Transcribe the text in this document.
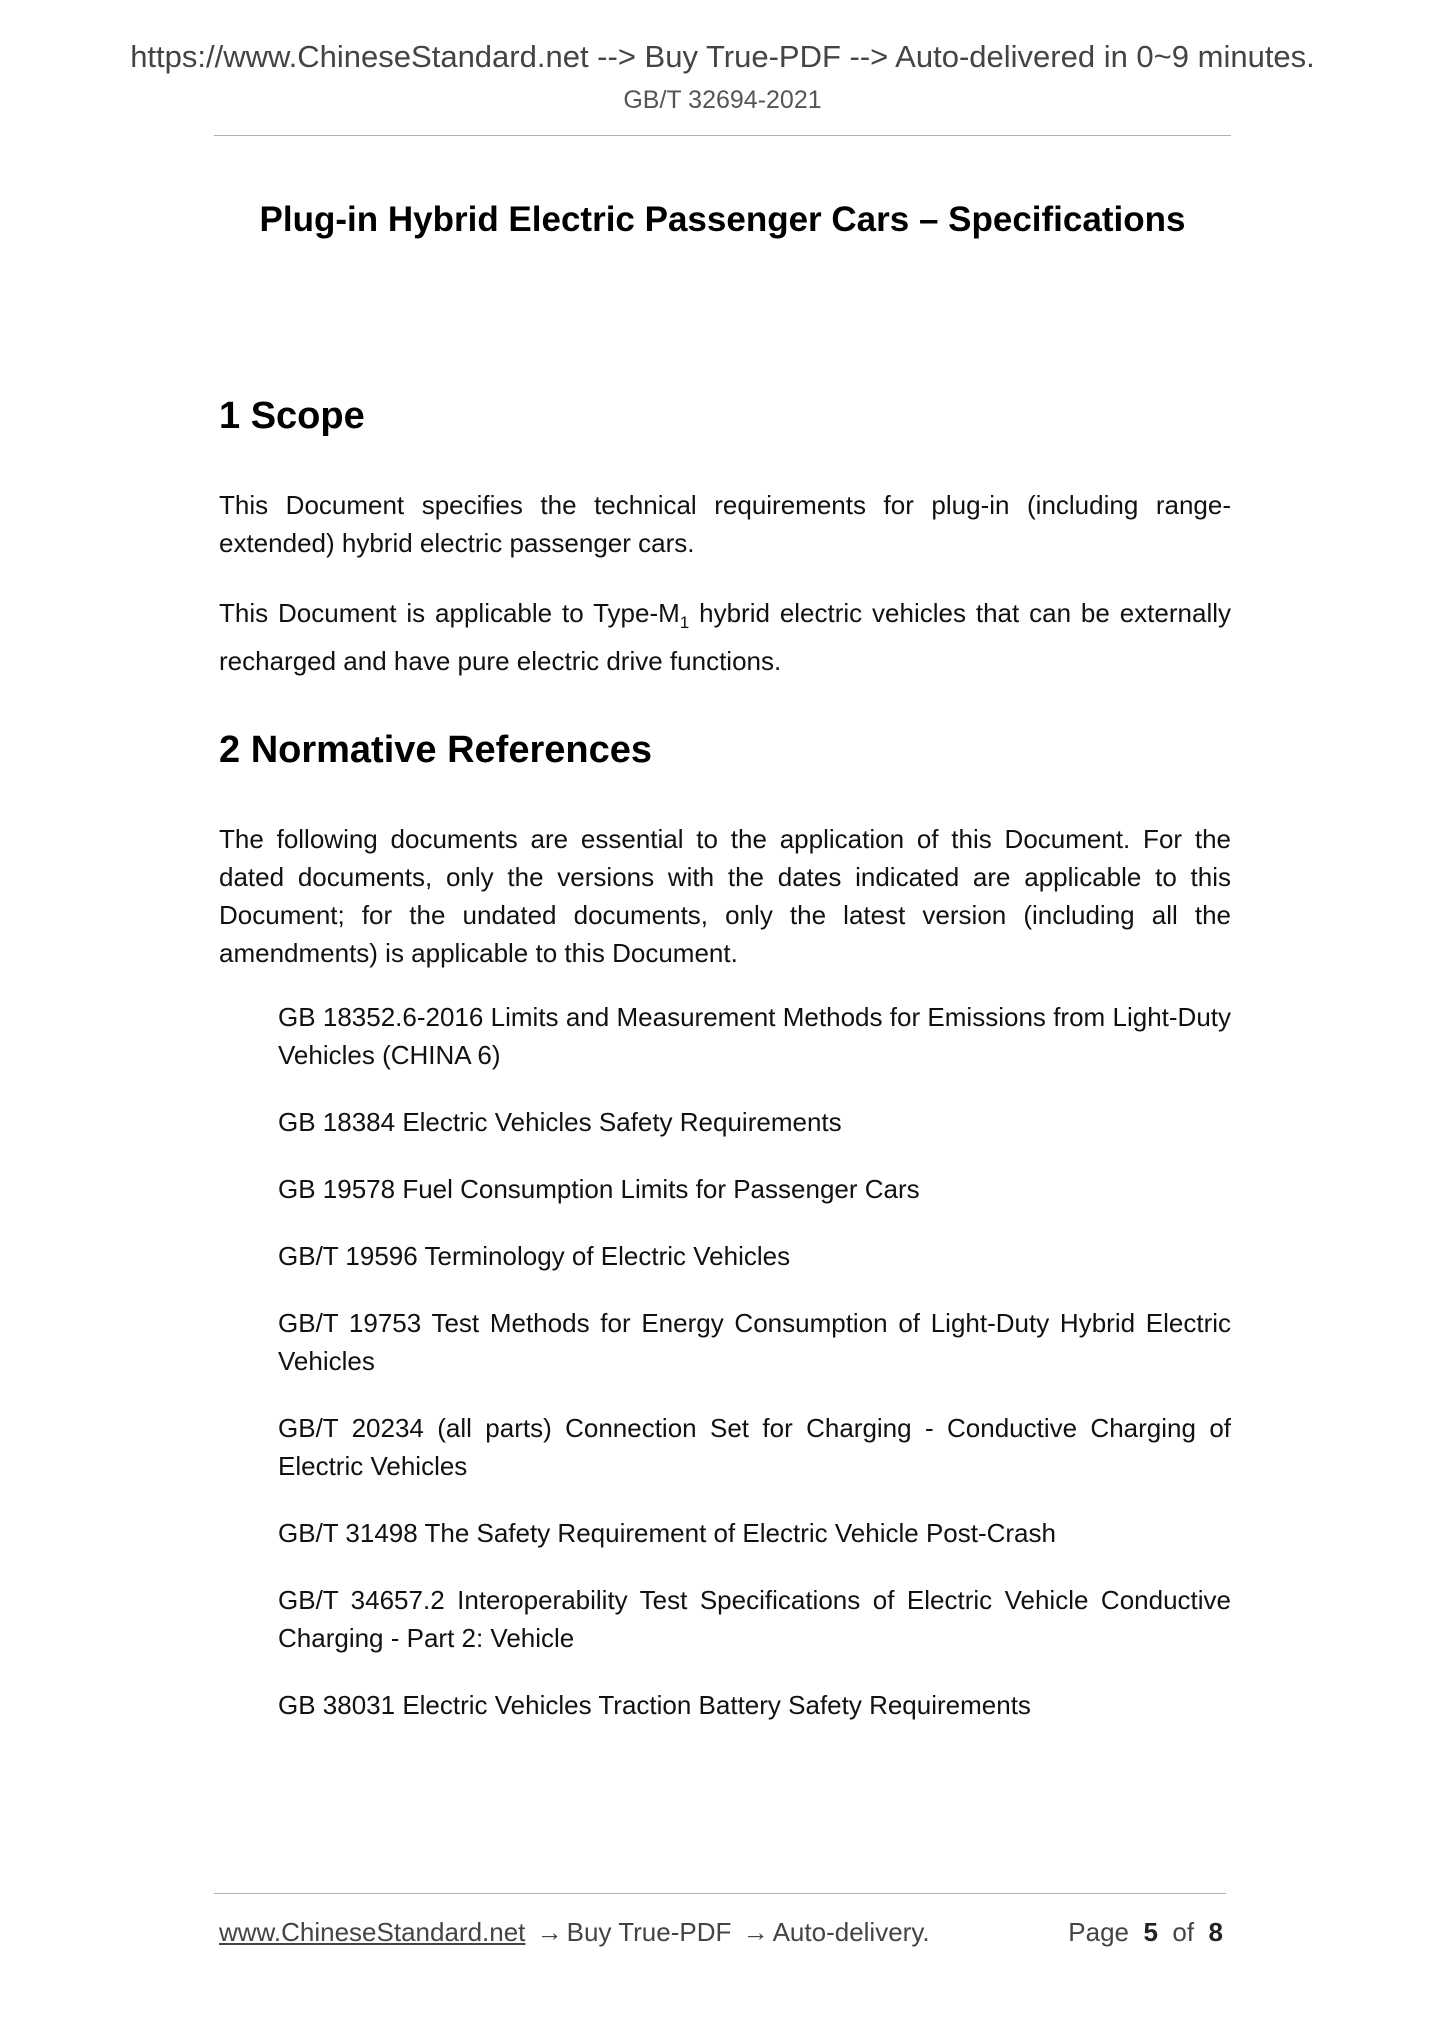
https://www.ChineseStandard.net --> Buy True-PDF --> Auto-delivered in 0~9 minutes.
GB/T 32694-2021
Plug-in Hybrid Electric Passenger Cars – Specifications
1 Scope

This Document specifies the technical requirements for plug-in (including range-extended) hybrid electric passenger cars.

This Document is applicable to Type-$M_1$ hybrid electric vehicles that can be externally recharged and have pure electric drive functions.

2 Normative References

The following documents are essential to the application of this Document. For the dated documents, only the versions with the dates indicated are applicable to this Document; for the undated documents, only the latest version (including all the amendments) is applicable to this Document.

GB 18352.6-2016 Limits and Measurement Methods for Emissions from Light-Duty Vehicles (CHINA 6)
GB 18384 Electric Vehicles Safety Requirements
GB 19578 Fuel Consumption Limits for Passenger Cars
GB/T 19596 Terminology of Electric Vehicles
GB/T 19753 Test Methods for Energy Consumption of Light-Duty Hybrid Electric Vehicles
GB/T 20234 (all parts) Connection Set for Charging - Conductive Charging of Electric Vehicles
GB/T 31498 The Safety Requirement of Electric Vehicle Post-Crash
GB/T 34657.2 Interoperability Test Specifications of Electric Vehicle Conductive Charging - Part 2: Vehicle
GB 38031 Electric Vehicles Traction Battery Safety Requirements
www.ChineseStandard.net → Buy True-PDF → Auto-delivery.	Page 5 of 8
